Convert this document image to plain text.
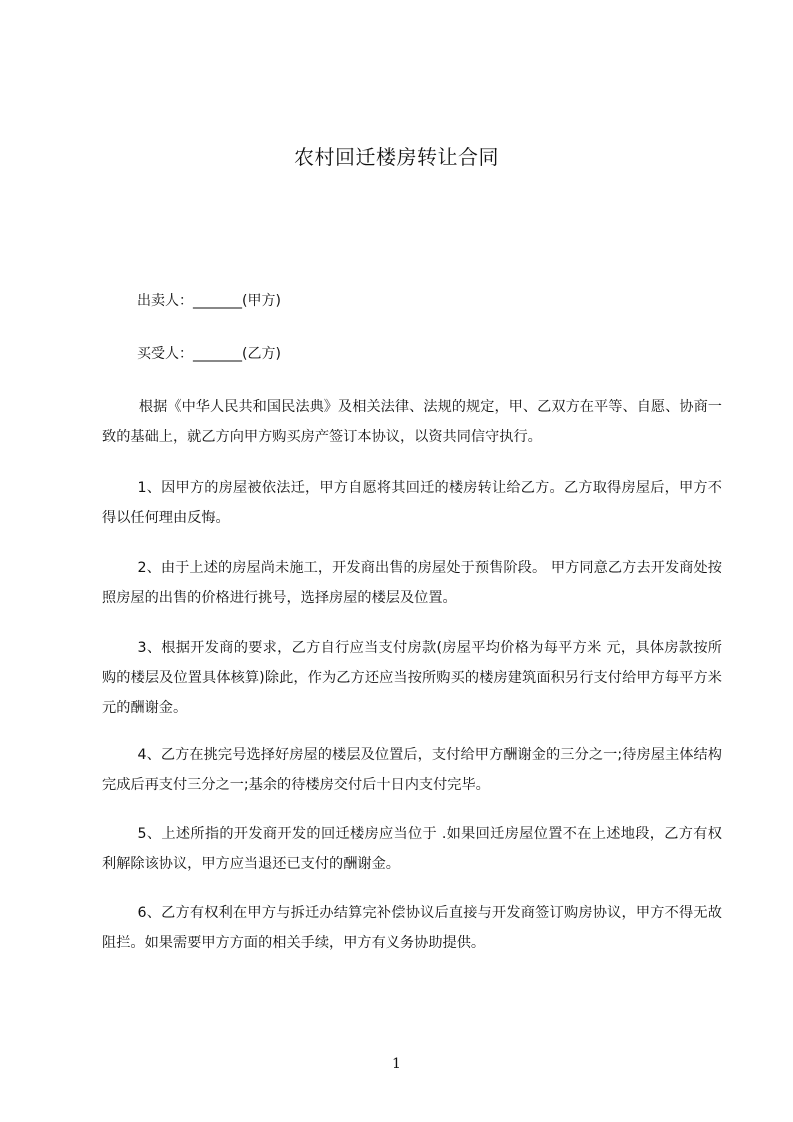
农村回迁楼房转让合同
出卖人：_______(甲方)
买受人：_______(乙方)

根据《中华人民共和国民法典》及相关法律、法规的规定，甲、乙双方在平等、自愿、协商一致的基础上，就乙方向甲方购买房产签订本协议，以资共同信守执行。

1、因甲方的房屋被依法迁，甲方自愿将其回迁的楼房转让给乙方。乙方取得房屋后，甲方不得以任何理由反悔。

2、由于上述的房屋尚未施工，开发商出售的房屋处于预售阶段。 甲方同意乙方去开发商处按照房屋的出售的价格进行挑号，选择房屋的楼层及位置。

3、根据开发商的要求，乙方自行应当支付房款(房屋平均价格为每平方米 元，具体房款按所购的楼层及位置具体核算)除此，作为乙方还应当按所购买的楼房建筑面积另行支付给甲方每平方米 元的酬谢金。

4、乙方在挑完号选择好房屋的楼层及位置后，支付给甲方酬谢金的三分之一;待房屋主体结构完成后再支付三分之一;基余的待楼房交付后十日内支付完毕。

5、上述所指的开发商开发的回迁楼房应当位于 .如果回迁房屋位置不在上述地段，乙方有权利解除该协议，甲方应当退还已支付的酬谢金。

6、乙方有权利在甲方与拆迁办结算完补偿协议后直接与开发商签订购房协议，甲方不得无故阻拦。如果需要甲方方面的相关手续，甲方有义务协助提供。

1
